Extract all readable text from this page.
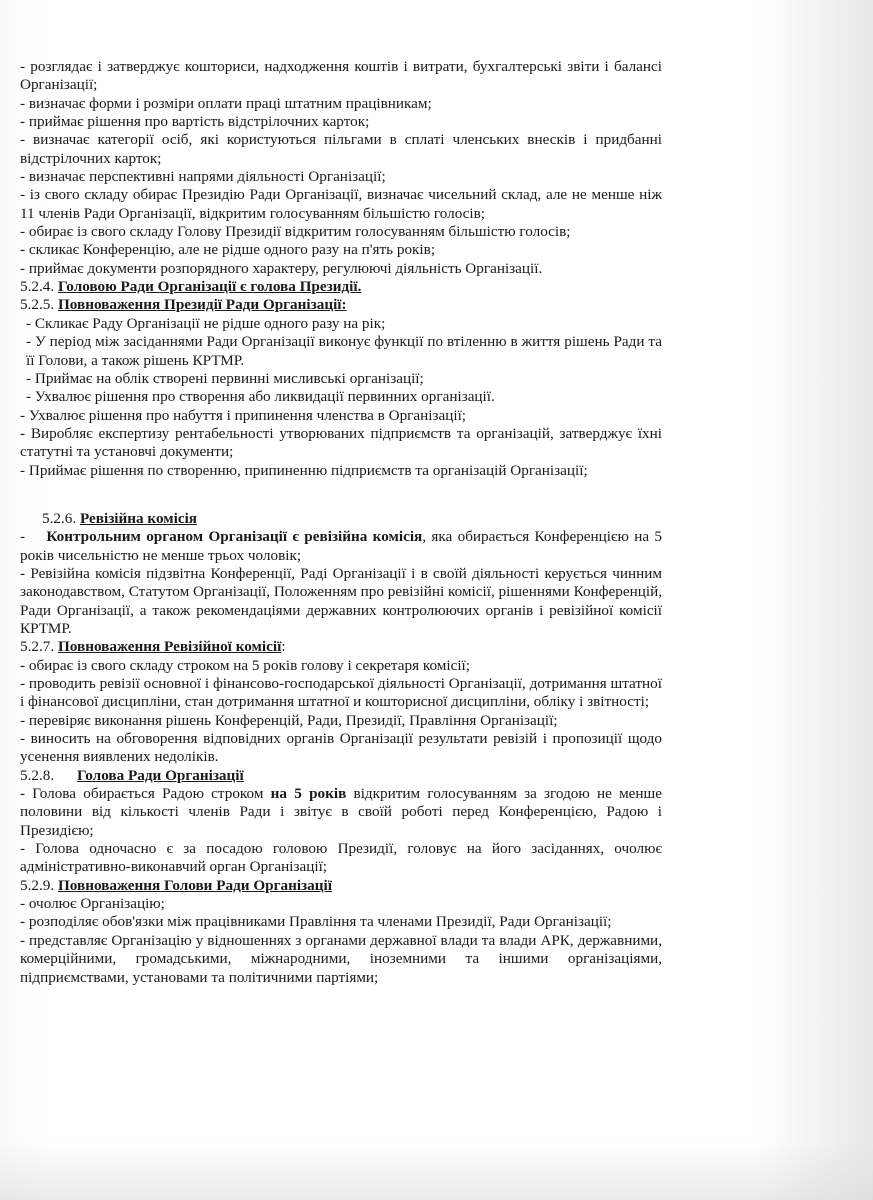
- розглядає і затверджує кошториси, надходження коштів і витрати, бухгалтерські звіти і балансі Організації;

- визначає форми і розміри оплати праці штатним працівникам;

- приймає рішення про вартість відстрілочних карток;

- визначає категорії осіб, які користуються пільгами в сплаті членських внесків і придбанні відстрілочних карток;

- визначає перспективні напрями діяльності Організації;

- із свого складу обирає Президію Ради Організації, визначає чисельний склад, але не менше ніж 11 членів Ради Організації, відкритим голосуванням більшістю голосів;

- обирає із свого складу Голову Президії відкритим голосуванням більшістю голосів;

- скликає Конференцію, але не рідше одного разу на п'ять років;

- приймає документи розпорядного характеру, регулюючі діяльність Організації.

5.2.4. Головою Ради Організації є голова Президії.

5.2.5. Повноваження Президії Ради Організації:

- Скликає Раду Організації не рідше одного разу на рік;

- У період між засіданнями Ради Організації виконує функції по втіленню в життя рішень Ради та її Голови, а також рішень КРТМР.

- Приймає на облік створені первинні мисливські організації;

- Ухвалює рішення про створення або ликвидації первинних організації.

- Ухвалює рішення про набуття і припинення членства в Організації;

- Виробляє експертизу рентабельності утворюваних підприємств та організацій, затверджує їхні статутні та установчі документи;

- Приймає рішення по створенню, припиненню підприємств та організацій Організації;

5.2.6. Ревізійна комісія

- Контрольним органом Організації є ревізійна комісія, яка обирається Конференцією на 5 років чисельністю не менше трьох чоловік;

- Ревізійна комісія підзвітна Конференції, Раді Організації і в своїй діяльності керується чинним законодавством, Статутом Організації, Положенням про ревізійні комісії, рішеннями Конференцій, Ради Організації, а також рекомендаціями державних контролюючих органів і ревізійної комісії КРТМР.

5.2.7. Повноваження Ревізійної комісії:

- обирає із свого складу строком на 5 років голову і секретаря комісії;

- проводить ревізії основної і фінансово-господарської діяльності Організації, дотримання штатної і фінансової дисципліни, стан дотримання штатної и кошторисної дисципліни, обліку і звітності;

- перевіряє виконання рішень Конференцій, Ради, Президії, Правління Організації;

- виносить на обговорення відповідних органів Організації результати ревізій і пропозиції щодо усенення виявлених недоліків.

5.2.8. Голова Ради Організації

- Голова обирається Радою строком на 5 років відкритим голосуванням за згодою не менше половини від кількості членів Ради і звітує в своїй роботі перед Конференцією, Радою і Президією;

- Голова одночасно є за посадою головою Президії, головує на його засіданнях, очолює адміністративно-виконавчий орган Організації;

5.2.9. Повноваження Голови Ради Організації

- очолює Організацію;

- розподіляє обов'язки між працівниками Правління та членами Президії, Ради Організації;

- представляє Організацію у відношеннях з органами державної влади та влади АРК, державними, комерційними, громадськими, міжнародними, іноземними та іншими організаціями, підприємствами, установами та політичними партіями;
